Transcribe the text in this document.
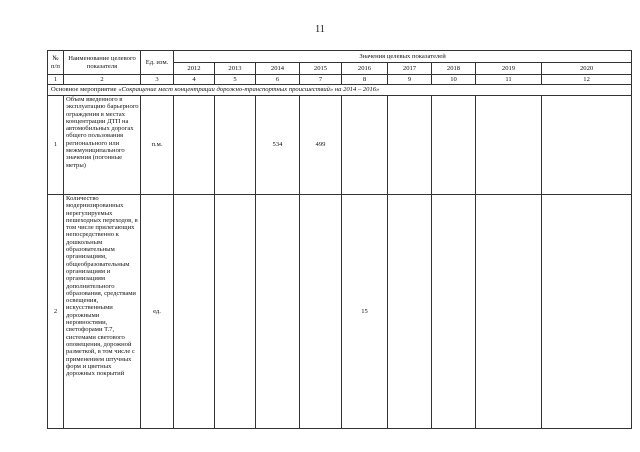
11
№ п/п	Наименование целевого показателя	Ед. изм.	Значения целевых показателей								
			2012	2013	2014	2015	2016	2017	2018	2019	2020
1	2	3	4	5	6	7	8	9	10	11	12
Основное мероприятие «Сокращение мест концентрации дорожно-транспортных происшествий» на 2014 – 2016»											
1	Объем введенного в эксплуатацию барьерного ограждения в местах концентрации ДТП на автомобильных дорогах общего пользования регионального или межмуниципального значения (погонные метры)	п.м.			534	499					
2	Количество модернизированных нерегулируемых пешеходных переходов, в том числе прилегающих непосредственно к дошкольным образовательным организациям, общеобразовательным организациям и организациям дополнительного образования, средствами освещения, искусственными дорожными неровностями, светофорами Т.7, системами светового оповещения, дорожной разметкой, в том числе с применением штучных форм и цветных дорожных покрытий	ед.					15				
